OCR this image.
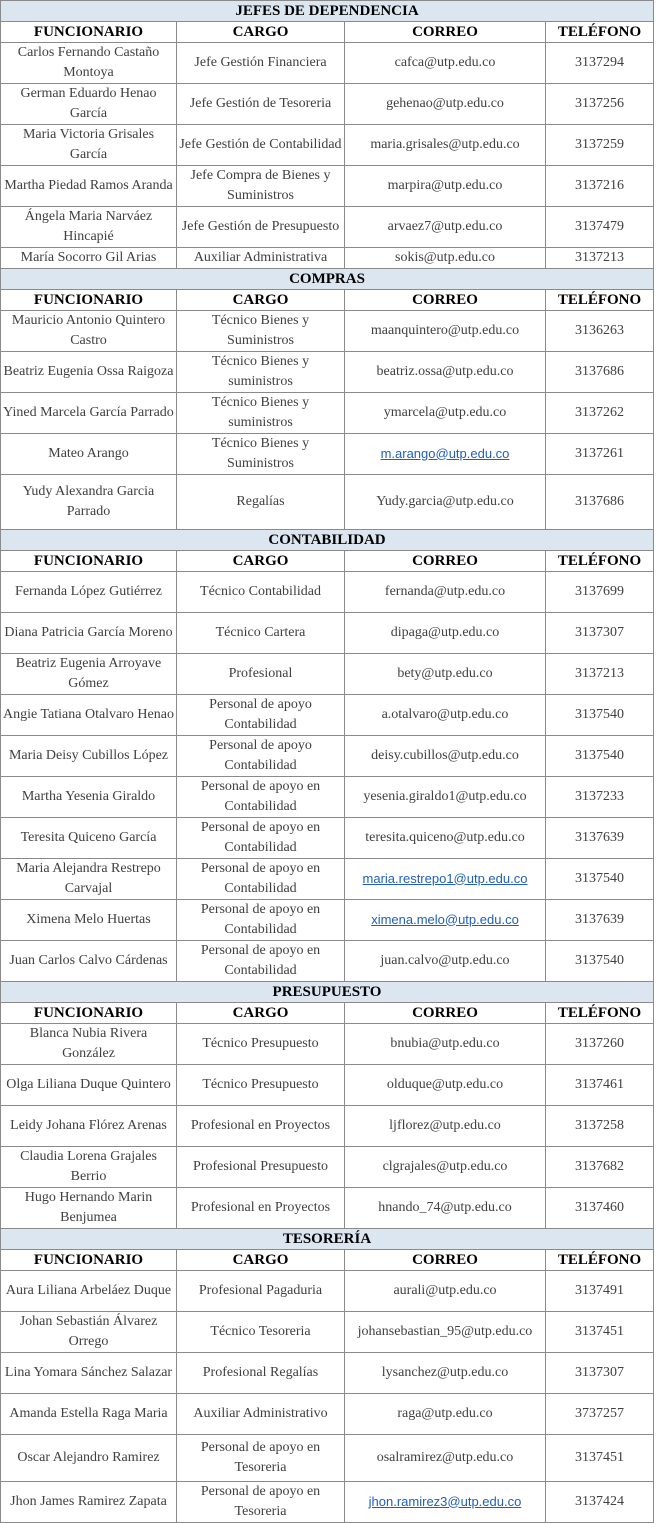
JEFES DE DEPENDENCIA			
FUNCIONARIO	CARGO	CORREO	TELÉFONO
Carlos Fernando Castaño Montoya	Jefe Gestión Financiera	cafca@utp.edu.co	3137294
German Eduardo Henao García	Jefe Gestión de Tesoreria	gehenao@utp.edu.co	3137256
Maria Victoria Grisales García	Jefe Gestión de Contabilidad	maria.grisales@utp.edu.co	3137259
Martha Piedad Ramos Aranda	Jefe Compra de Bienes y Suministros	marpira@utp.edu.co	3137216
Ángela Maria Narváez Hincapié	Jefe Gestión de Presupuesto	arvaez7@utp.edu.co	3137479
María Socorro Gil Arias	Auxiliar Administrativa	sokis@utp.edu.co	3137213
COMPRAS			
FUNCIONARIO	CARGO	CORREO	TELÉFONO
Mauricio Antonio Quintero Castro	Técnico Bienes y Suministros	maanquintero@utp.edu.co	3136263
Beatriz Eugenia Ossa Raigoza	Técnico Bienes y suministros	beatriz.ossa@utp.edu.co	3137686
Yined Marcela García Parrado	Técnico Bienes y suministros	ymarcela@utp.edu.co	3137262
Mateo Arango	Técnico Bienes y Suministros	m.arango@utp.edu.co	3137261
Yudy Alexandra Garcia Parrado	Regalías	Yudy.garcia@utp.edu.co	3137686
CONTABILIDAD			
FUNCIONARIO	CARGO	CORREO	TELÉFONO
Fernanda López Gutiérrez	Técnico Contabilidad	fernanda@utp.edu.co	3137699
Diana Patricia García Moreno	Técnico Cartera	dipaga@utp.edu.co	3137307
Beatriz Eugenia Arroyave Gómez	Profesional	bety@utp.edu.co	3137213
Angie Tatiana Otalvaro Henao	Personal de apoyo Contabilidad	a.otalvaro@utp.edu.co	3137540
Maria Deisy Cubillos López	Personal de apoyo Contabilidad	deisy.cubillos@utp.edu.co	3137540
Martha Yesenia Giraldo	Personal de apoyo en Contabilidad	yesenia.giraldo1@utp.edu.co	3137233
Teresita Quiceno García	Personal de apoyo en Contabilidad	teresita.quiceno@utp.edu.co	3137639
Maria Alejandra Restrepo Carvajal	Personal de apoyo en Contabilidad	maria.restrepo1@utp.edu.co	3137540
Ximena Melo Huertas	Personal de apoyo en Contabilidad	ximena.melo@utp.edu.co	3137639
Juan Carlos Calvo Cárdenas	Personal de apoyo en Contabilidad	juan.calvo@utp.edu.co	3137540
PRESUPUESTO			
FUNCIONARIO	CARGO	CORREO	TELÉFONO
Blanca Nubia Rivera González	Técnico Presupuesto	bnubia@utp.edu.co	3137260
Olga Liliana Duque Quintero	Técnico Presupuesto	olduque@utp.edu.co	3137461
Leidy Johana Flórez Arenas	Profesional en Proyectos	ljflorez@utp.edu.co	3137258
Claudia Lorena Grajales Berrio	Profesional Presupuesto	clgrajales@utp.edu.co	3137682
Hugo Hernando Marin Benjumea	Profesional en Proyectos	hnando_74@utp.edu.co	3137460
TESORERÍA			
FUNCIONARIO	CARGO	CORREO	TELÉFONO
Aura Liliana Arbeláez Duque	Profesional Pagaduria	aurali@utp.edu.co	3137491
Johan Sebastián Álvarez Orrego	Técnico Tesoreria	johansebastian_95@utp.edu.co	3137451
Lina Yomara Sánchez Salazar	Profesional Regalías	lysanchez@utp.edu.co	3137307
Amanda Estella Raga Maria	Auxiliar Administrativo	raga@utp.edu.co	3737257
Oscar Alejandro Ramirez	Personal de apoyo en Tesoreria	osalramirez@utp.edu.co	3137451
Jhon James Ramirez Zapata	Personal de apoyo en Tesoreria	jhon.ramirez3@utp.edu.co	3137424
